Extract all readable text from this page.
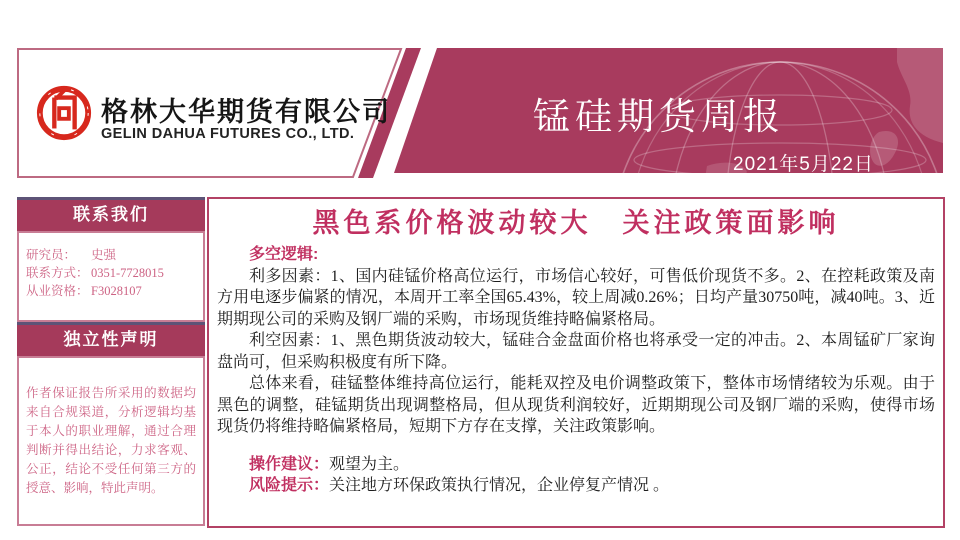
格林大华期货有限公司
GELIN DAHUA FUTURES CO., LTD.	锰硅期货周报
2021年5月22日
联系我们
研究员： 史强
联系方式： 0351-7728015
从业资格： F3028107
独立性声明
作者保证报告所采用的数据均来自合规渠道，分析逻辑均基于本人的职业理解，通过合理判断并得出结论，力求客观、公正，结论不受任何第三方的授意、影响，特此声明。
黑色系价格波动较大　关注政策面影响

多空逻辑:

利多因素：1、国内硅锰价格高位运行，市场信心较好，可售低价现货不多。2、在控耗政策及南方用电逐步偏紧的情况，本周开工率全国65.43%，较上周减0.26%；日均产量30750吨，减40吨。3、近期期现公司的采购及钢厂端的采购，市场现货维持略偏紧格局。

利空因素：1、黑色期货波动较大，锰硅合金盘面价格也将承受一定的冲击。2、本周锰矿厂家询盘尚可，但采购积极度有所下降。

总体来看，硅锰整体维持高位运行，能耗双控及电价调整政策下，整体市场情绪较为乐观。由于黑色的调整，硅锰期货出现调整格局，但从现货利润较好，近期期现公司及钢厂端的采购，使得市场现货仍将维持略偏紧格局，短期下方存在支撑，关注政策影响。

操作建议：观望为主。

风险提示：关注地方环保政策执行情况，企业停复产情况 。
